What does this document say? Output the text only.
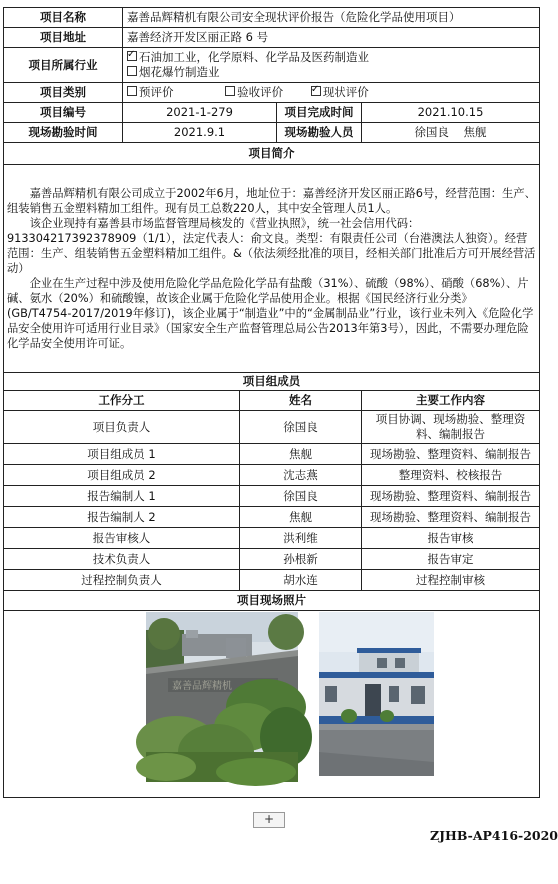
项目名称	嘉善品辉精机有限公司安全现状评价报告（危险化学品使用项目）			
项目地址	嘉善经济开发区丽正路 6 号			
项目所属行业	
✓石油加工业，化学原料、化学品及医药制造业
烟花爆竹制造业

项目类别	预评价 验收评价 ✓ 现状评价
项目编号	2021-1-279		项目完成时间	2021.10.15
现场勘验时间	2021.9.1		现场勘验人员	徐国良    焦舰
项目简介				

嘉善品辉精机有限公司成立于2002年6月，地址位于：嘉善经济开发区丽正路6号，经营范围：生产、组装销售五金塑料精加工组件。现有员工总数220人，其中安全管理人员1人。

该企业现持有嘉善县市场监督管理局核发的《营业执照》，统一社会信用代码：91330421739237890​9（1/1），法定代表人：俞文良。类型：有限责任公司（台港澳法人独资）。经营范围：生产、组装销售五金塑料精加工组件。&（依法须经批准的项目，经相关部门批准后方可开展经营活动）

企业在生产过程中涉及使用危险化学品危险化学品有盐酸（31%）、硫酸（98%）、硝酸（68%）、片碱、氨水（20%）和硫酸镍，故该企业属于危险化学品使用企业。根据《国民经济行业分类》(GB/T4754-2017/2019年修订)，该企业属于“制造业”中的“金属制品业”行业，该行业未列入《危险化学品安全使用许可适用行业目录》（国家安全生产监督管理总局公告2013年第3号），因此，不需要办理危险化学品安全使用许可证。				

项目组成员				
工作分工		姓名		主要工作内容
项目负责人		徐国良		项目协调、现场勘验、整理资料、编制报告
项目组成员 1		焦舰		现场勘验、整理资料、编制报告
项目组成员 2		沈志燕		整理资料、校核报告
报告编制人 1		徐国良		现场勘验、整理资料、编制报告
报告编制人 2		焦舰		现场勘验、整理资料、编制报告
报告审核人		洪利维		报告审核
技术负责人		孙根新		报告审定
过程控制负责人		胡水连		过程控制审核
项目现场照片				

嘉善品辉精机				
+
ZJHB-AP416-2020
